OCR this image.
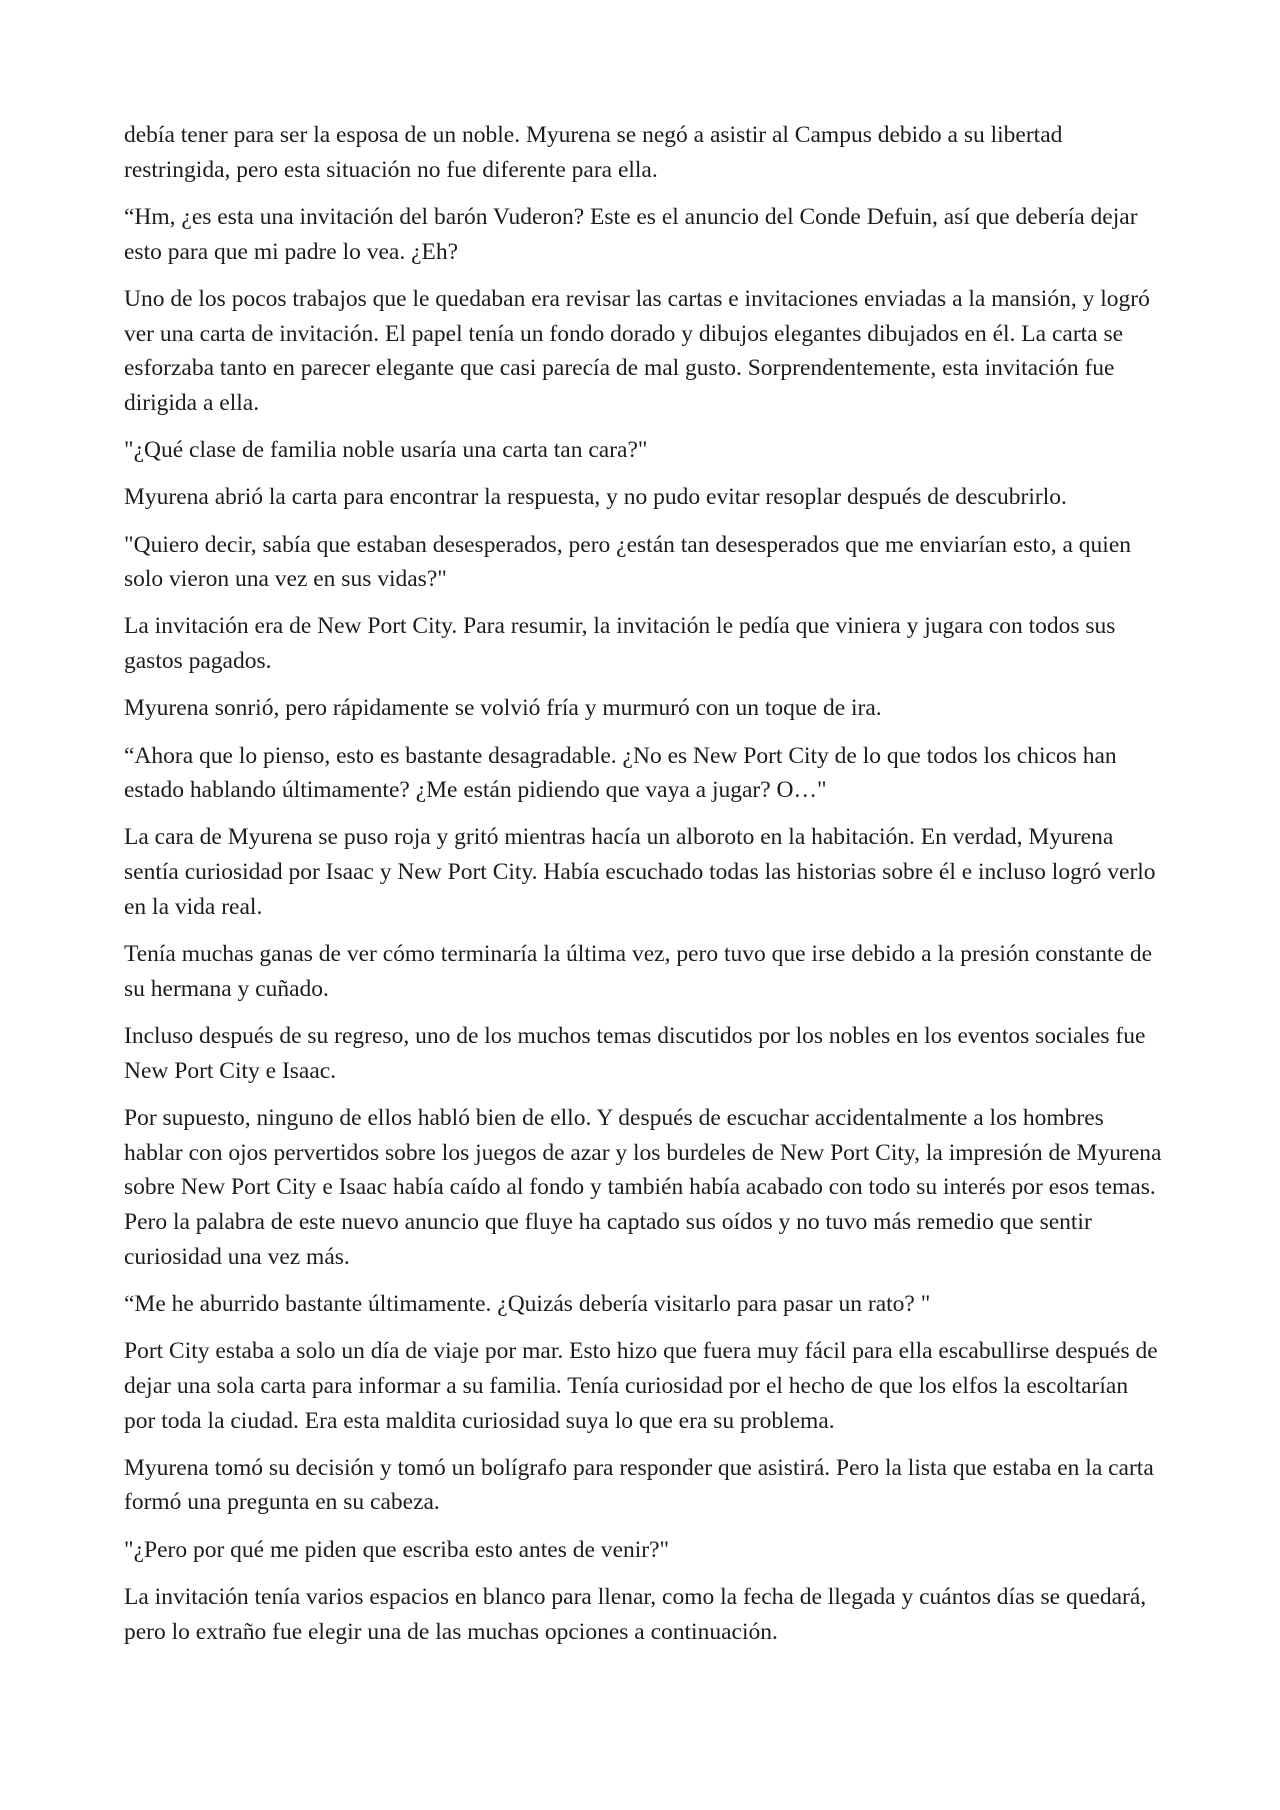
debía tener para ser la esposa de un noble. Myurena se negó a asistir al Campus debido a su libertad restringida, pero esta situación no fue diferente para ella.

“Hm, ¿es esta una invitación del barón Vuderon? Este es el anuncio del Conde Defuin, así que debería dejar esto para que mi padre lo vea. ¿Eh?

Uno de los pocos trabajos que le quedaban era revisar las cartas e invitaciones enviadas a la mansión, y logró ver una carta de invitación. El papel tenía un fondo dorado y dibujos elegantes dibujados en él. La carta se esforzaba tanto en parecer elegante que casi parecía de mal gusto. Sorprendentemente, esta invitación fue dirigida a ella.

"¿Qué clase de familia noble usaría una carta tan cara?"

Myurena abrió la carta para encontrar la respuesta, y no pudo evitar resoplar después de descubrirlo.

"Quiero decir, sabía que estaban desesperados, pero ¿están tan desesperados que me enviarían esto, a quien solo vieron una vez en sus vidas?"

La invitación era de New Port City. Para resumir, la invitación le pedía que viniera y jugara con todos sus gastos pagados.

Myurena sonrió, pero rápidamente se volvió fría y murmuró con un toque de ira.

“Ahora que lo pienso, esto es bastante desagradable. ¿No es New Port City de lo que todos los chicos han estado hablando últimamente? ¿Me están pidiendo que vaya a jugar? O…"

La cara de Myurena se puso roja y gritó mientras hacía un alboroto en la habitación. En verdad, Myurena sentía curiosidad por Isaac y New Port City. Había escuchado todas las historias sobre él e incluso logró verlo en la vida real.

Tenía muchas ganas de ver cómo terminaría la última vez, pero tuvo que irse debido a la presión constante de su hermana y cuñado.

Incluso después de su regreso, uno de los muchos temas discutidos por los nobles en los eventos sociales fue New Port City e Isaac.

Por supuesto, ninguno de ellos habló bien de ello. Y después de escuchar accidentalmente a los hombres hablar con ojos pervertidos sobre los juegos de azar y los burdeles de New Port City, la impresión de Myurena sobre New Port City e Isaac había caído al fondo y también había acabado con todo su interés por esos temas. Pero la palabra de este nuevo anuncio que fluye ha captado sus oídos y no tuvo más remedio que sentir curiosidad una vez más.

“Me he aburrido bastante últimamente. ¿Quizás debería visitarlo para pasar un rato? "

Port City estaba a solo un día de viaje por mar. Esto hizo que fuera muy fácil para ella escabullirse después de dejar una sola carta para informar a su familia. Tenía curiosidad por el hecho de que los elfos la escoltarían por toda la ciudad. Era esta maldita curiosidad suya lo que era su problema.

Myurena tomó su decisión y tomó un bolígrafo para responder que asistirá. Pero la lista que estaba en la carta formó una pregunta en su cabeza.

"¿Pero por qué me piden que escriba esto antes de venir?"

La invitación tenía varios espacios en blanco para llenar, como la fecha de llegada y cuántos días se quedará, pero lo extraño fue elegir una de las muchas opciones a continuación.
